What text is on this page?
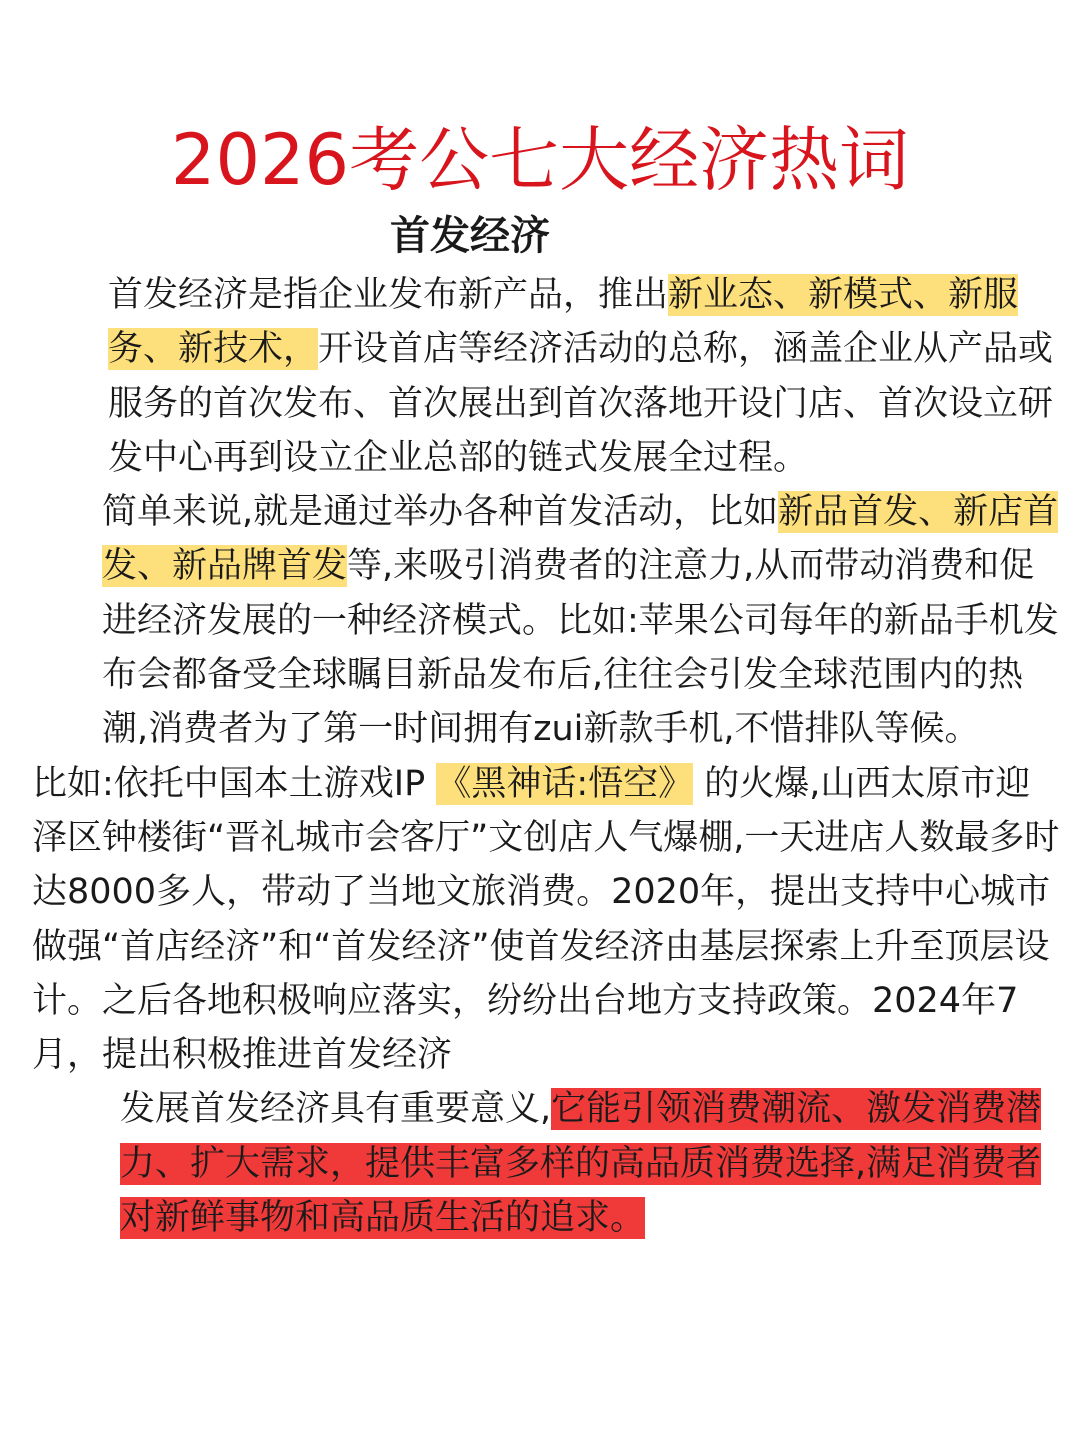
2026考公七大经济热词
首发经济

首发经济是指企业发布新产品，推出新业态、新模式、新服务、新技术，开设首店等经济活动的总称，涵盖企业从产品或服务的首次发布、首次展出到首次落地开设门店、首次设立研发中心再到设立企业总部的链式发展全过程。

简单来说,就是通过举办各种首发活动，比如新品首发、新店首发、新品牌首发等,来吸引消费者的注意力,从而带动消费和促进经济发展的一种经济模式。比如:苹果公司每年的新品手机发布会都备受全球瞩目新品发布后,往往会引发全球范围内的热潮,消费者为了第一时间拥有zui新款手机,不惜排队等候。

比如:依托中国本土游戏IP 《黑神话:悟空》 的火爆,山西太原市迎泽区钟楼街“晋礼城市会客厅”文创店人气爆棚,一天进店人数最多时达8000多人，带动了当地文旅消费。2020年，提出支持中心城市做强“首店经济”和“首发经济”使首发经济由基层探索上升至顶层设计。之后各地积极响应落实，纷纷出台地方支持政策。2024年7月，提出积极推进首发经济

发展首发经济具有重要意义,它能引领消费潮流、激发消费潜力、扩大需求，提供丰富多样的高品质消费选择,满足消费者对新鲜事物和高品质生活的追求。
